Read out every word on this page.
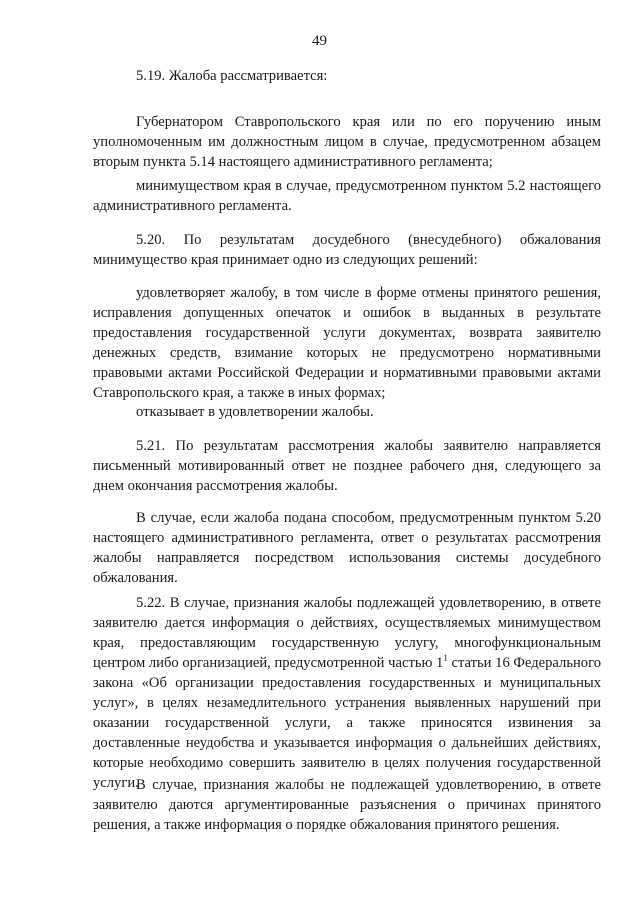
49

5.19. Жалоба рассматривается:

Губернатором Ставропольского края или по его поручению иным уполномоченным им должностным лицом в случае, предусмотренном абзацем вторым пункта 5.14 настоящего административного регламента;

минимуществом края в случае, предусмотренном пунктом 5.2 настоящего административного регламента.

5.20. По результатам досудебного (внесудебного) обжалования минимущество края принимает одно из следующих решений:

удовлетворяет жалобу, в том числе в форме отмены принятого решения, исправления допущенных опечаток и ошибок в выданных в результате предоставления государственной услуги документах, возврата заявителю денежных средств, взимание которых не предусмотрено нормативными правовыми актами Российской Федерации и нормативными правовыми актами Ставропольского края, а также в иных формах;

отказывает в удовлетворении жалобы.

5.21. По результатам рассмотрения жалобы заявителю направляется письменный мотивированный ответ не позднее рабочего дня, следующего за днем окончания рассмотрения жалобы.

В случае, если жалоба подана способом, предусмотренным пунктом 5.20 настоящего административного регламента, ответ о результатах рассмотрения жалобы направляется посредством использования системы досудебного обжалования.

5.22. В случае, признания жалобы подлежащей удовлетворению, в ответе заявителю дается информация о действиях, осуществляемых минимуществом края, предоставляющим государственную услугу, многофункциональным центром либо организацией, предусмотренной частью $1^1$ статьи 16 Федерального закона «Об организации предоставления государственных и муниципальных услуг», в целях незамедлительного устранения выявленных нарушений при оказании государственной услуги, а также приносятся извинения за доставленные неудобства и указывается информация о дальнейших действиях, которые необходимо совершить заявителю в целях получения государственной услуги.

В случае, признания жалобы не подлежащей удовлетворению, в ответе заявителю даются аргументированные разъяснения о причинах принятого решения, а также информация о порядке обжалования принятого решения.
